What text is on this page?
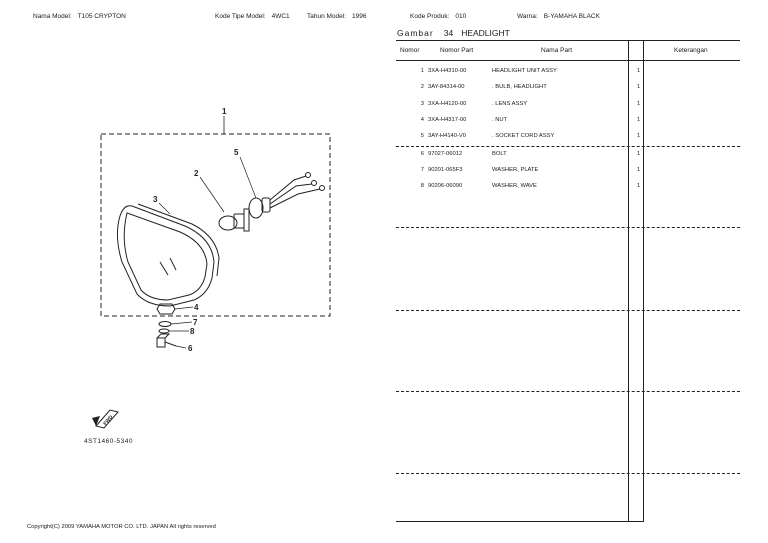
Nama Model: T105 CRYPTON	Kode Tipe Model: 4WC1	Tahun Model: 1996	Kode Produk: 010	Warna: B-YAMAHA BLACK
Gambar 34 HEADLIGHT
1
2
3
4
5
6
7
8
FWD
4ST1460-5340
Nomor	Nomor Part	Nama Part	Keterangan
1 3XA-H4310-00	HEADLIGHT UNIT ASSY	1
2 3AY-84314-00	. BULB, HEADLIGHT	1
3 3XA-H4120-00	. LENS ASSY	1
4 3XA-H4317-00	. NUT	1
5 3AY-H4140-V0	. SOCKET CORD ASSY	1
6 97027-06012	BOLT	1
7 90201-065F3	WASHER, PLATE	1
8 90206-06090	WASHER, WAVE	1
Copyright(C) 2009 YAMAHA MOTOR CO. LTD. JAPAN All rights reserved
